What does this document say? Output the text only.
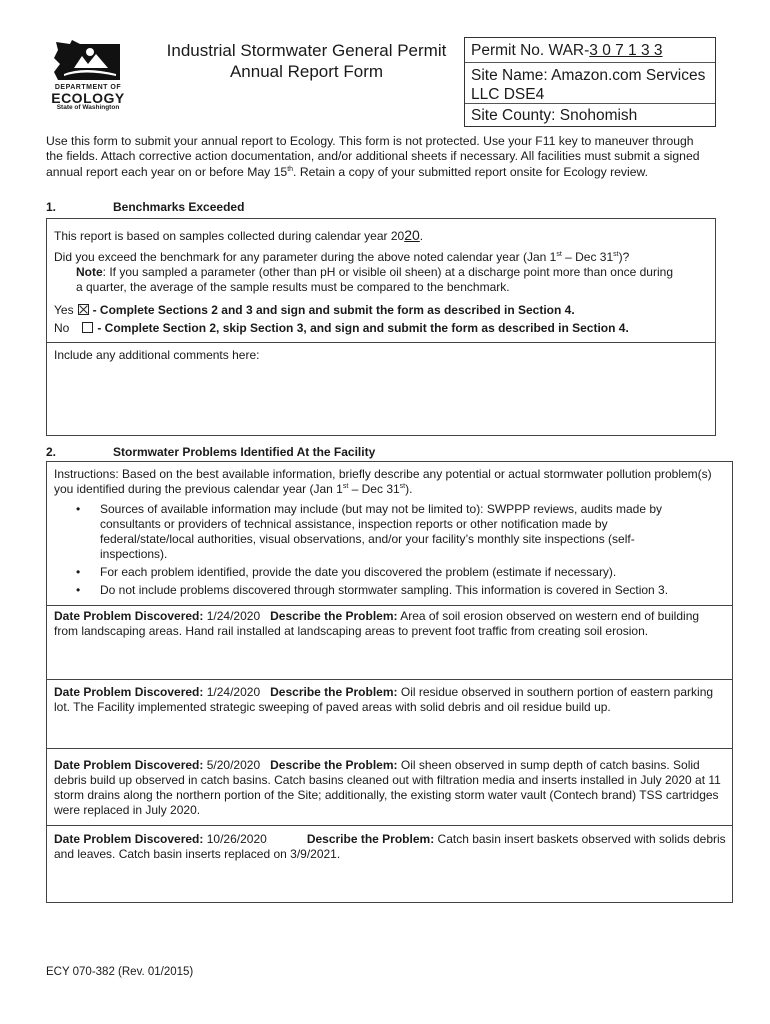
DEPARTMENT OF
ECOLOGY
State of Washington
Industrial Stormwater General Permit
Annual Report Form
Permit No. WAR-3 0 7 1 3 3
Site Name: Amazon.com Services LLC DSE4
Site County: Snohomish
Use this form to submit your annual report to Ecology. This form is not protected. Use your F11 key to maneuver through the fields. Attach corrective action documentation, and/or additional sheets if necessary. All facilities must submit a signed annual report each year on or before May 15th. Retain a copy of your submitted report onsite for Ecology review.
1.	Benchmarks Exceeded
This report is based on samples collected during calendar year 2020.
Did you exceed the benchmark for any parameter during the above noted calendar year (Jan 1st – Dec 31st)?
Note: If you sampled a parameter (other than pH or visible oil sheen) at a discharge point more than once during a quarter, the average of the sample results must be compared to the benchmark.
Yes - Complete Sections 2 and 3 and sign and submit the form as described in Section 4.
No - Complete Section 2, skip Section 3, and sign and submit the form as described in Section 4.
Include any additional comments here:
2.	Stormwater Problems Identified At the Facility
Instructions: Based on the best available information, briefly describe any potential or actual stormwater pollution problem(s) you identified during the previous calendar year (Jan 1st – Dec 31st).
• Sources of available information may include (but may not be limited to): SWPPP reviews, audits made by consultants or providers of technical assistance, inspection reports or other notification made by federal/state/local authorities, visual observations, and/or your facility’s monthly site inspections (self-inspections).
• For each problem identified, provide the date you discovered the problem (estimate if necessary).
• Do not include problems discovered through stormwater sampling. This information is covered in Section 3.
Date Problem Discovered: 1/24/2020 Describe the Problem: Area of soil erosion observed on western end of building from landscaping areas. Hand rail installed at landscaping areas to prevent foot traffic from creating soil erosion.
Date Problem Discovered: 1/24/2020 Describe the Problem: Oil residue observed in southern portion of eastern parking lot. The Facility implemented strategic sweeping of paved areas with solid debris and oil residue build up.
Date Problem Discovered: 5/20/2020 Describe the Problem: Oil sheen observed in sump depth of catch basins. Solid debris build up observed in catch basins. Catch basins cleaned out with filtration media and inserts installed in July 2020 at 11 storm drains along the northern portion of the Site; additionally, the existing storm water vault (Contech brand) TSS cartridges were replaced in July 2020.
Date Problem Discovered: 10/26/2020	Describe the Problem: Catch basin insert baskets observed with solids debris and leaves. Catch basin inserts replaced on 3/9/2021.
ECY 070-382 (Rev. 01/2015)
